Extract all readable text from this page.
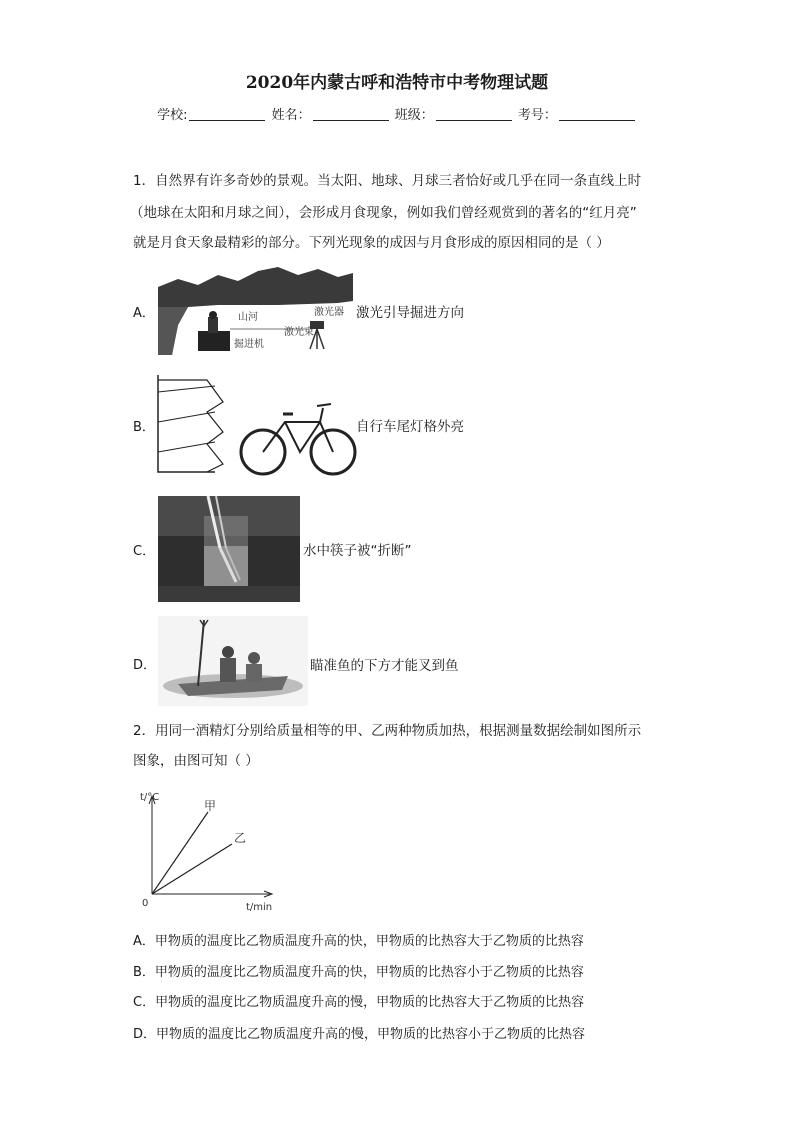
2020年内蒙古呼和浩特市中考物理试题
学校:	姓名：	班级：	考号：
1．自然界有许多奇妙的景观。当太阳、地球、月球三者恰好或几乎在同一条直线上时
（地球在太阳和月球之间），会形成月食现象，例如我们曾经观赏到的著名的“红月亮”
就是月食天象最精彩的部分。下列光现象的成因与月食形成的原因相同的是（ ）
A．	山河	激光器
掘进机
激光束
激光引导掘进方向
B．	自行车尾灯格外亮
C．	水中筷子被“折断”
D．	瞄准鱼的下方才能叉到鱼
2．用同一酒精灯分别给质量相等的甲、乙两种物质加热，根据测量数据绘制如图所示
图象，由图可知（ ）
t/°C
t/min
0
甲
乙
A．甲物质的温度比乙物质温度升高的快，甲物质的比热容大于乙物质的比热容
B．甲物质的温度比乙物质温度升高的快，甲物质的比热容小于乙物质的比热容
C．甲物质的温度比乙物质温度升高的慢，甲物质的比热容大于乙物质的比热容
D．甲物质的温度比乙物质温度升高的慢，甲物质的比热容小于乙物质的比热容
